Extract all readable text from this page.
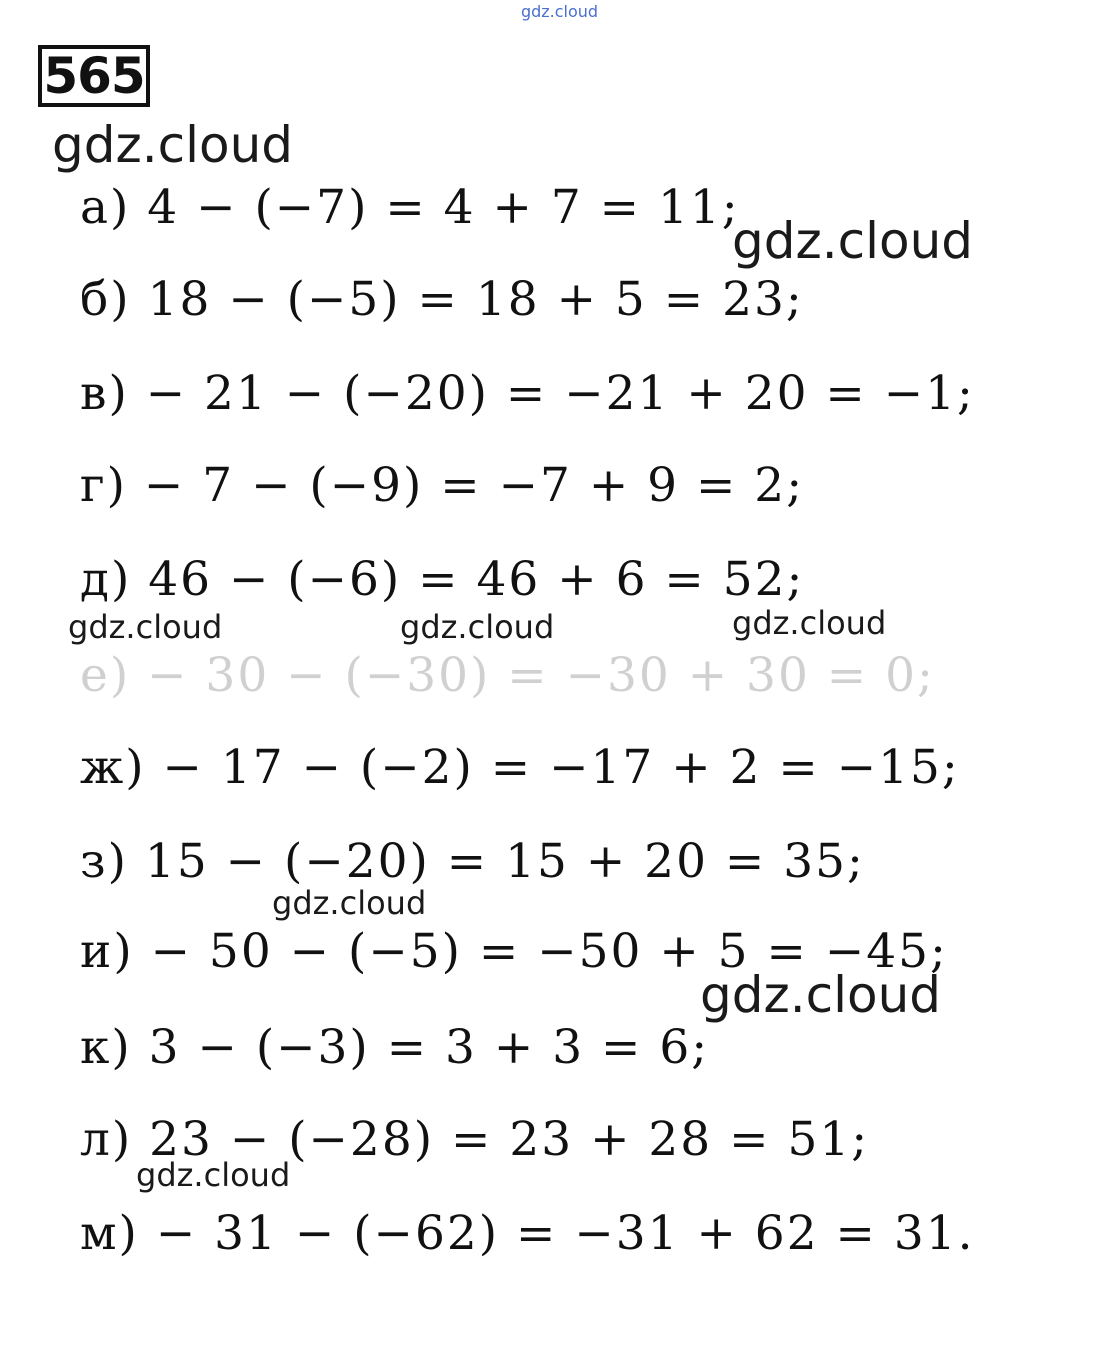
gdz.cloud
565
gdz.cloud
gdz.cloud
gdz.cloud	gdz.cloud	gdz.cloud
gdz.cloud
gdz.cloud
gdz.cloud
а) 4 − (−7) = 4 + 7 = 11;
б) 18 − (−5) = 18 + 5 = 23;
в) − 21 − (−20) = −21 + 20 = −1;
г) − 7 − (−9) = −7 + 9 = 2;
д) 46 − (−6) = 46 + 6 = 52;
е) − 30 − (−30) = −30 + 30 = 0;
ж) − 17 − (−2) = −17 + 2 = −15;
з) 15 − (−20) = 15 + 20 = 35;
и) − 50 − (−5) = −50 + 5 = −45;
к) 3 − (−3) = 3 + 3 = 6;
л) 23 − (−28) = 23 + 28 = 51;
м) − 31 − (−62) = −31 + 62 = 31.
